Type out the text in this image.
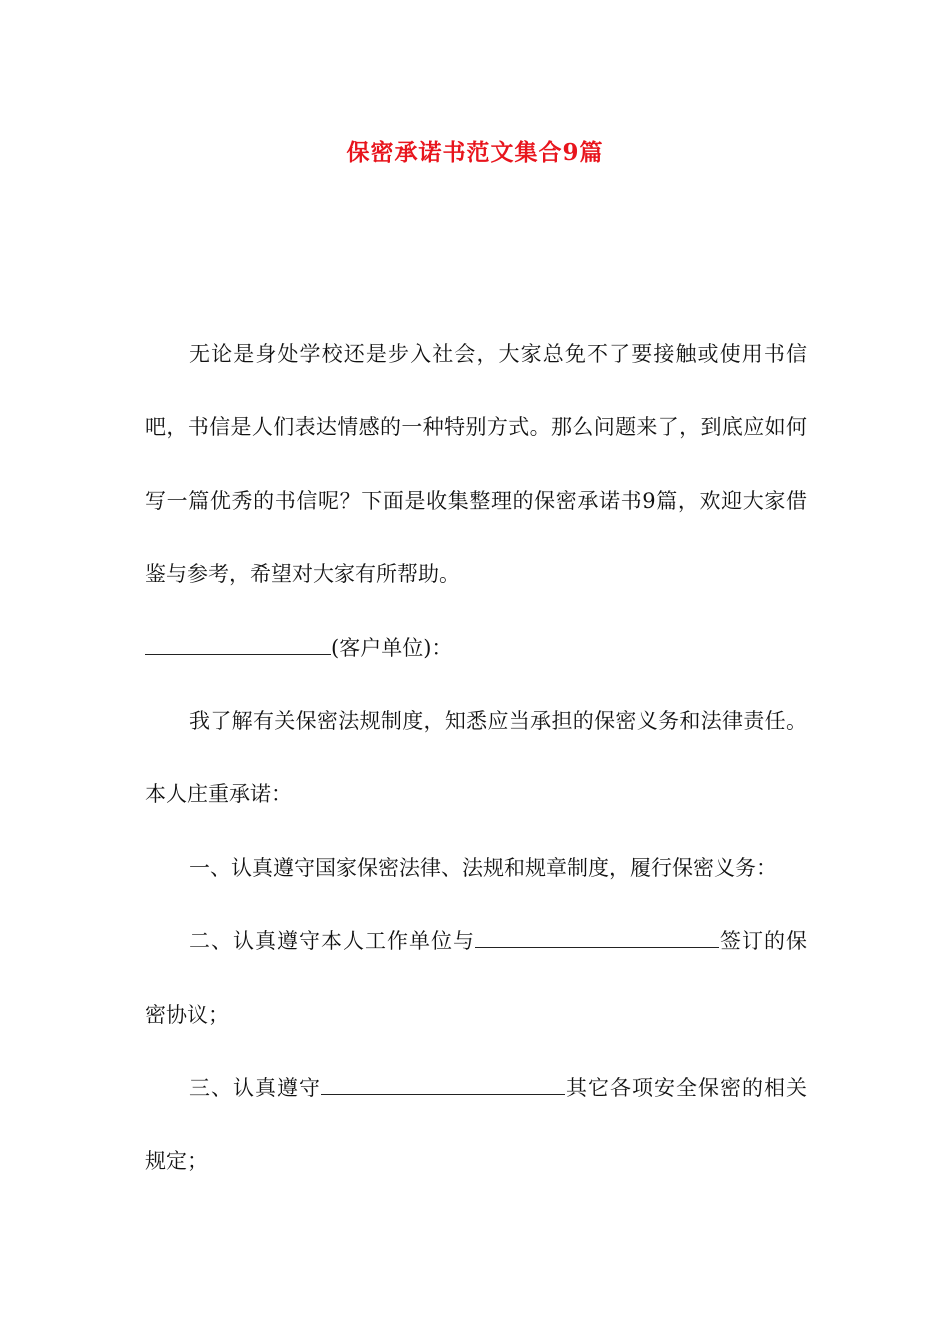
保密承诺书范文集合9篇

无论是身处学校还是步入社会，大家总免不了要接触或使用书信吧，书信是人们表达情感的一种特别方式。那么问题来了，到底应如何写一篇优秀的书信呢？下面是收集整理的保密承诺书9篇，欢迎大家借鉴与参考，希望对大家有所帮助。

(客户单位)：

我了解有关保密法规制度，知悉应当承担的保密义务和法律责任。本人庄重承诺：

一、认真遵守国家保密法律、法规和规章制度，履行保密义务：

二、认真遵守本人工作单位与	签订的保密协议；

三、认真遵守	其它各项安全保密的相关规定；
